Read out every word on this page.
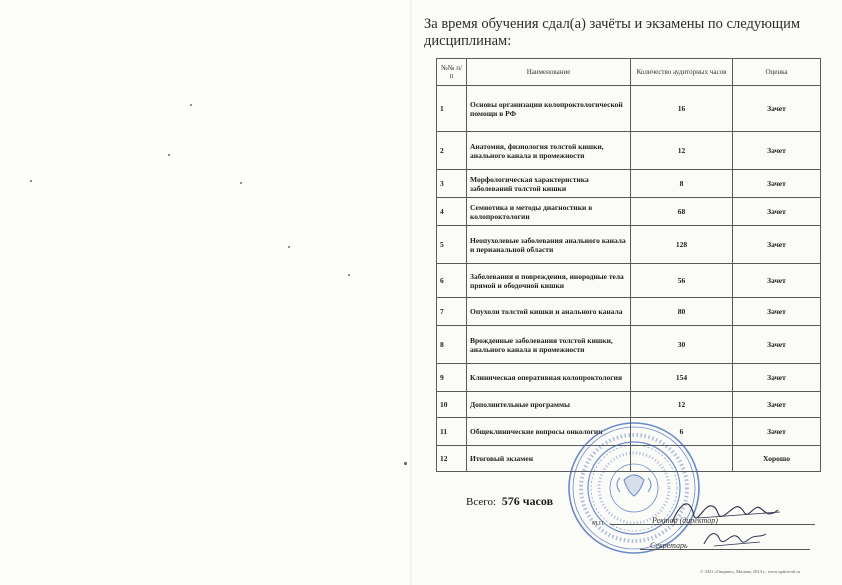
За время обучения сдал(а) зачёты и экзамены по следующим дисциплинам:
№№ п/п	Наименование	Количество аудиторных часов	Оценка
1	Основы организации колопроктологической помощи в РФ	16	Зачет
2	Анатомия, физиология толстой кишки, анального канала и промежности	12	Зачет
3	Морфологическая характеристика заболеваний толстой кишки	8	Зачет
4	Семиотика и методы диагностики в колопроктологии	68	Зачет
5	Неопухолевые заболевания анального канала и перианальной области	128	Зачет
6	Заболевания и повреждения, инородные тела прямой и ободочной кишки	56	Зачет
7	Опухоли толстой кишки и анального канала	80	Зачет
8	Врожденные заболевания толстой кишки, анального канала и промежности	30	Зачет
9	Клиническая оперативная колопроктология	154	Зачет
10	Дополнительные программы	12	Зачет
11	Общеклинические вопросы онкологии	6	Зачет
12	Итоговый экзамен		Хорошо
Всего: 576 часов
Ректор (директор)
М.П.
Секретарь
© ЗАО «Опцион», Москва, 2014 г., www.option-sb.ru
